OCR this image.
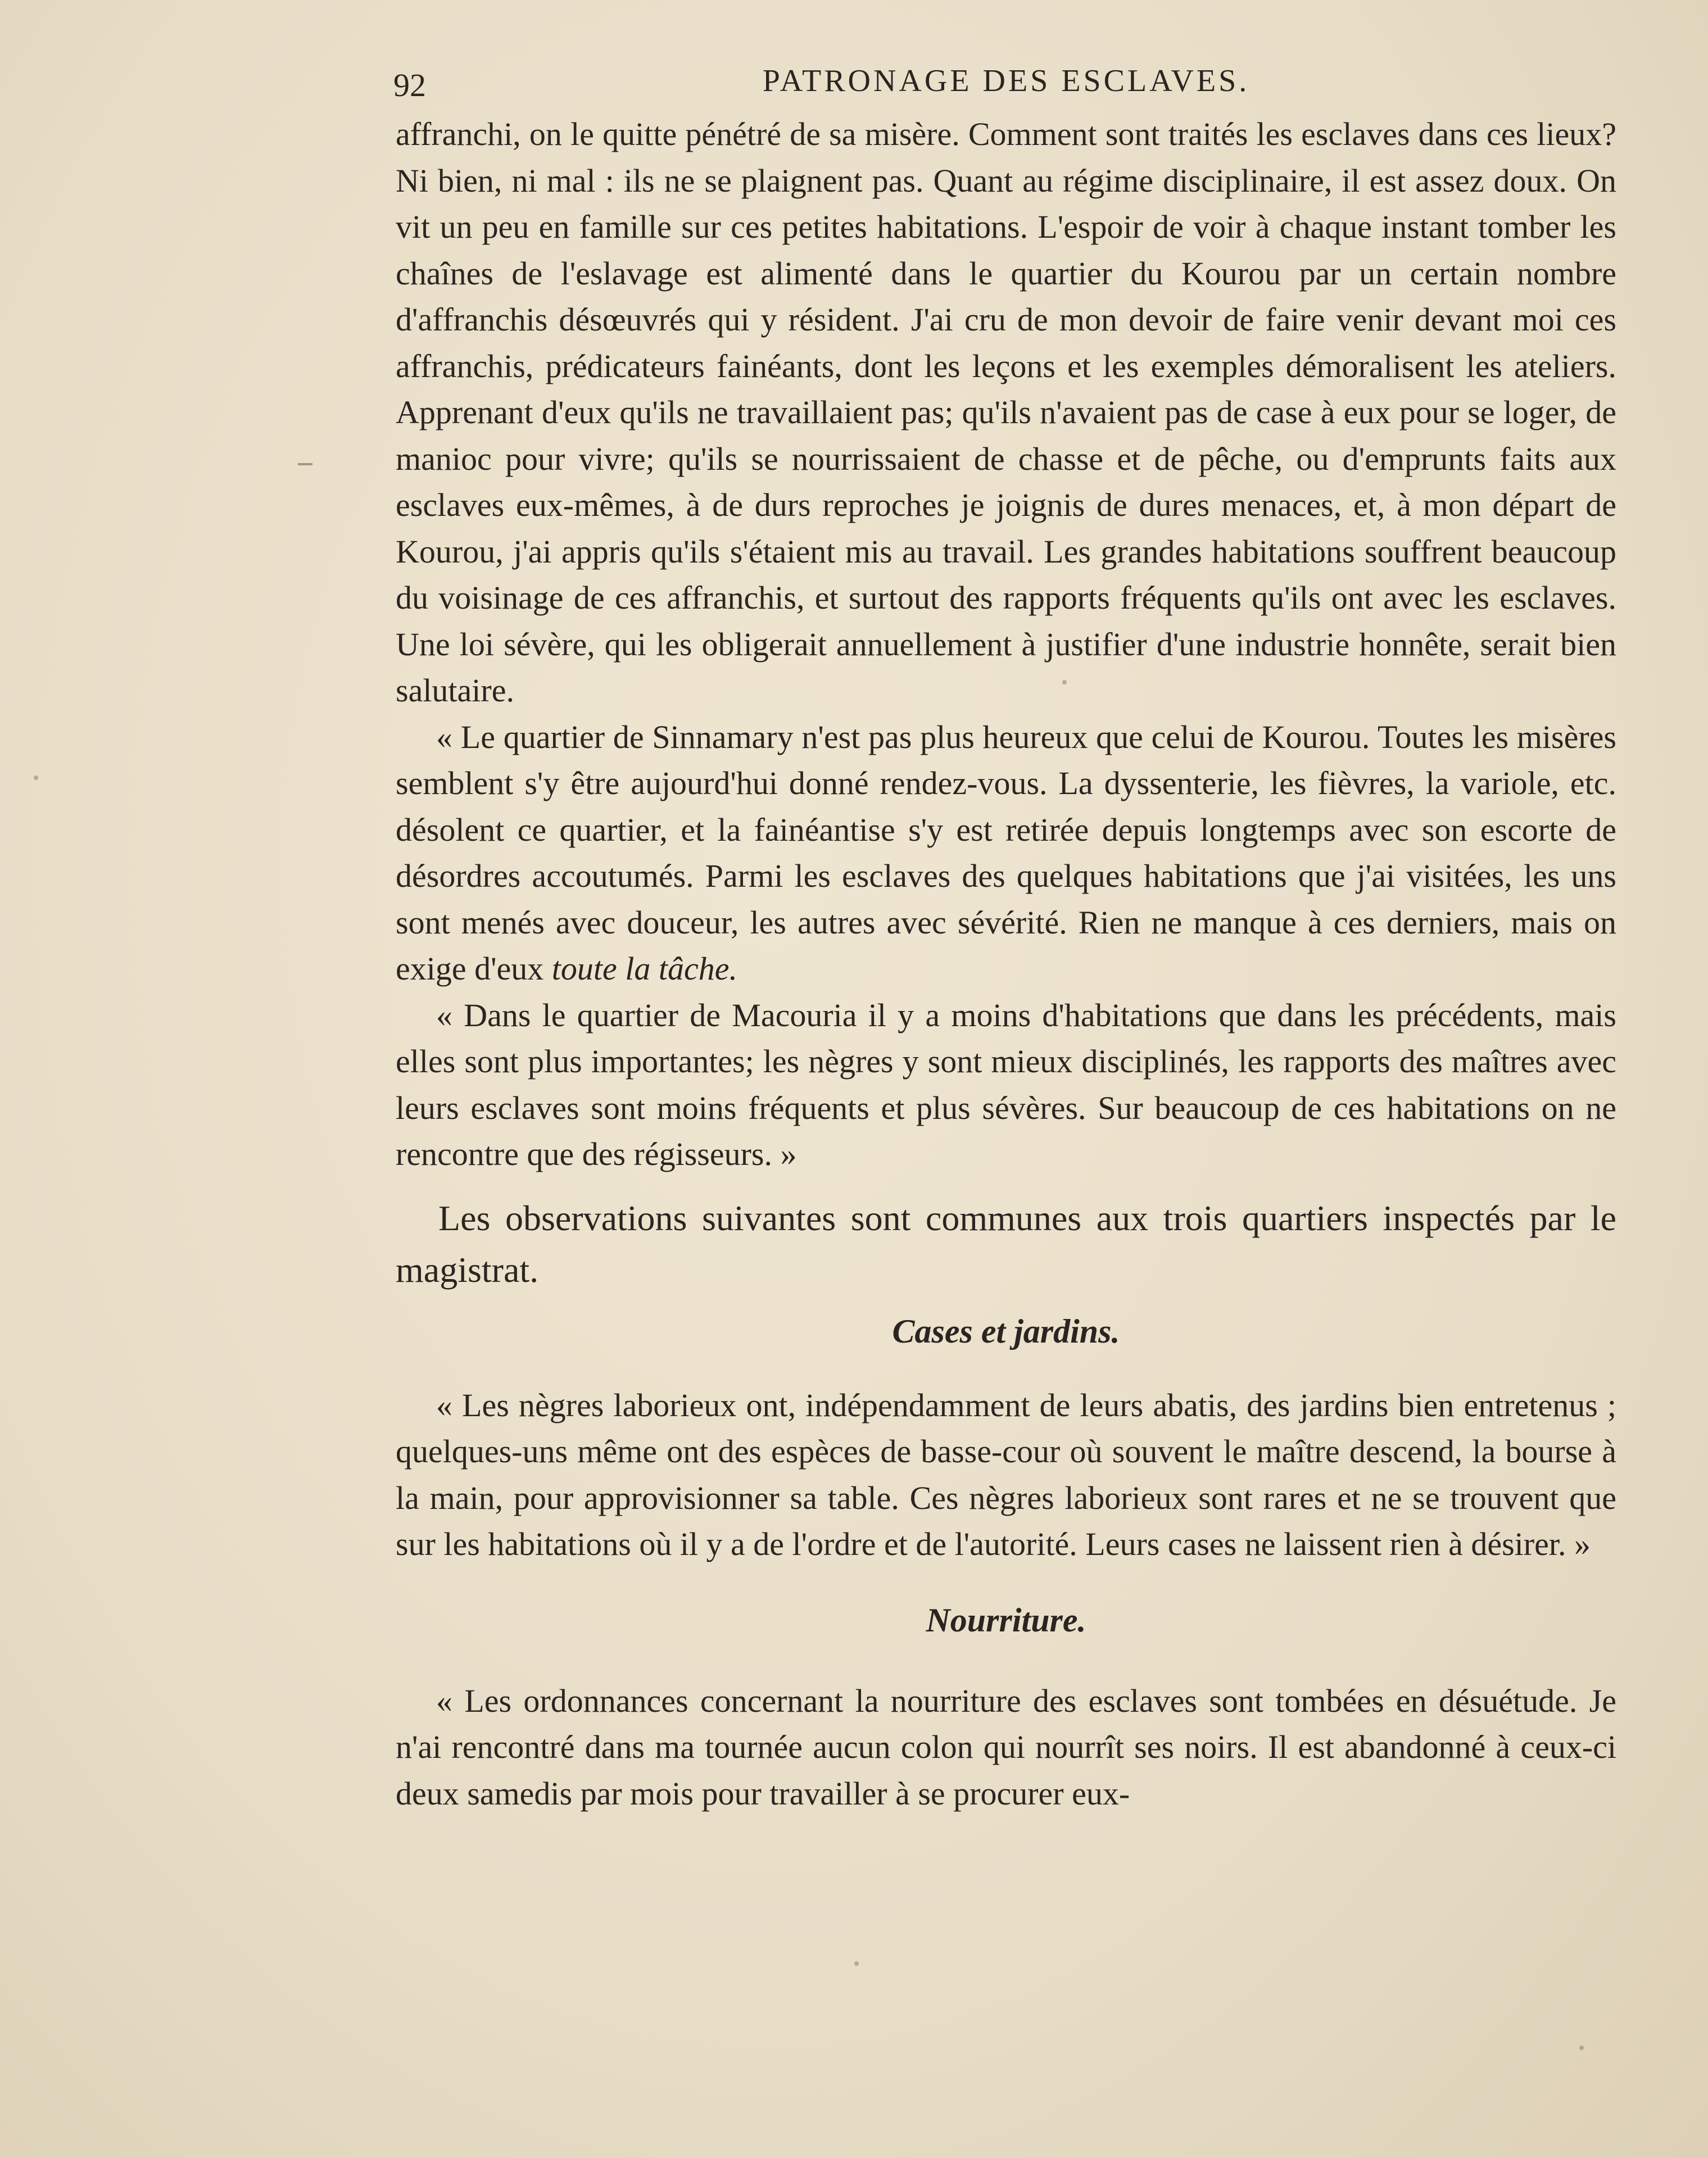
92	PATRONAGE DES ESCLAVES.

affranchi, on le quitte pénétré de sa misère. Comment sont traités les esclaves dans ces lieux? Ni bien, ni mal : ils ne se plaignent pas. Quant au régime disciplinaire, il est assez doux. On vit un peu en famille sur ces petites habitations. L'espoir de voir à chaque instant tomber les chaînes de l'eslavage est alimenté dans le quartier du Kourou par un certain nombre d'affranchis désœuvrés qui y résident. J'ai cru de mon devoir de faire venir devant moi ces affranchis, prédicateurs fainéants, dont les leçons et les exemples démoralisent les ateliers. Apprenant d'eux qu'ils ne travaillaient pas; qu'ils n'avaient pas de case à eux pour se loger, de manioc pour vivre; qu'ils se nourrissaient de chasse et de pêche, ou d'emprunts faits aux esclaves eux-mêmes, à de durs reproches je joignis de dures menaces, et, à mon départ de Kourou, j'ai appris qu'ils s'étaient mis au travail. Les grandes habitations souffrent beaucoup du voisinage de ces affranchis, et surtout des rapports fréquents qu'ils ont avec les esclaves. Une loi sévère, qui les obligerait annuellement à justifier d'une industrie honnête, serait bien salutaire.

« Le quartier de Sinnamary n'est pas plus heureux que celui de Kourou. Toutes les misères semblent s'y être aujourd'hui donné rendez-vous. La dyssenterie, les fièvres, la variole, etc. désolent ce quartier, et la fainéantise s'y est retirée depuis longtemps avec son escorte de désordres accoutumés. Parmi les esclaves des quelques habitations que j'ai visitées, les uns sont menés avec douceur, les autres avec sévérité. Rien ne manque à ces derniers, mais on exige d'eux toute la tâche.

« Dans le quartier de Macouria il y a moins d'habitations que dans les précédents, mais elles sont plus importantes; les nègres y sont mieux disciplinés, les rapports des maîtres avec leurs esclaves sont moins fréquents et plus sévères. Sur beaucoup de ces habitations on ne rencontre que des régisseurs. »

Les observations suivantes sont communes aux trois quartiers inspectés par le magistrat.

Cases et jardins.

« Les nègres laborieux ont, indépendamment de leurs abatis, des jardins bien entretenus ; quelques-uns même ont des espèces de basse-cour où souvent le maître descend, la bourse à la main, pour approvisionner sa table. Ces nègres laborieux sont rares et ne se trouvent que sur les habitations où il y a de l'ordre et de l'autorité. Leurs cases ne laissent rien à désirer. »

Nourriture.

« Les ordonnances concernant la nourriture des esclaves sont tombées en désuétude. Je n'ai rencontré dans ma tournée aucun colon qui nourrît ses noirs. Il est abandonné à ceux-ci deux samedis par mois pour travailler à se procurer eux-
